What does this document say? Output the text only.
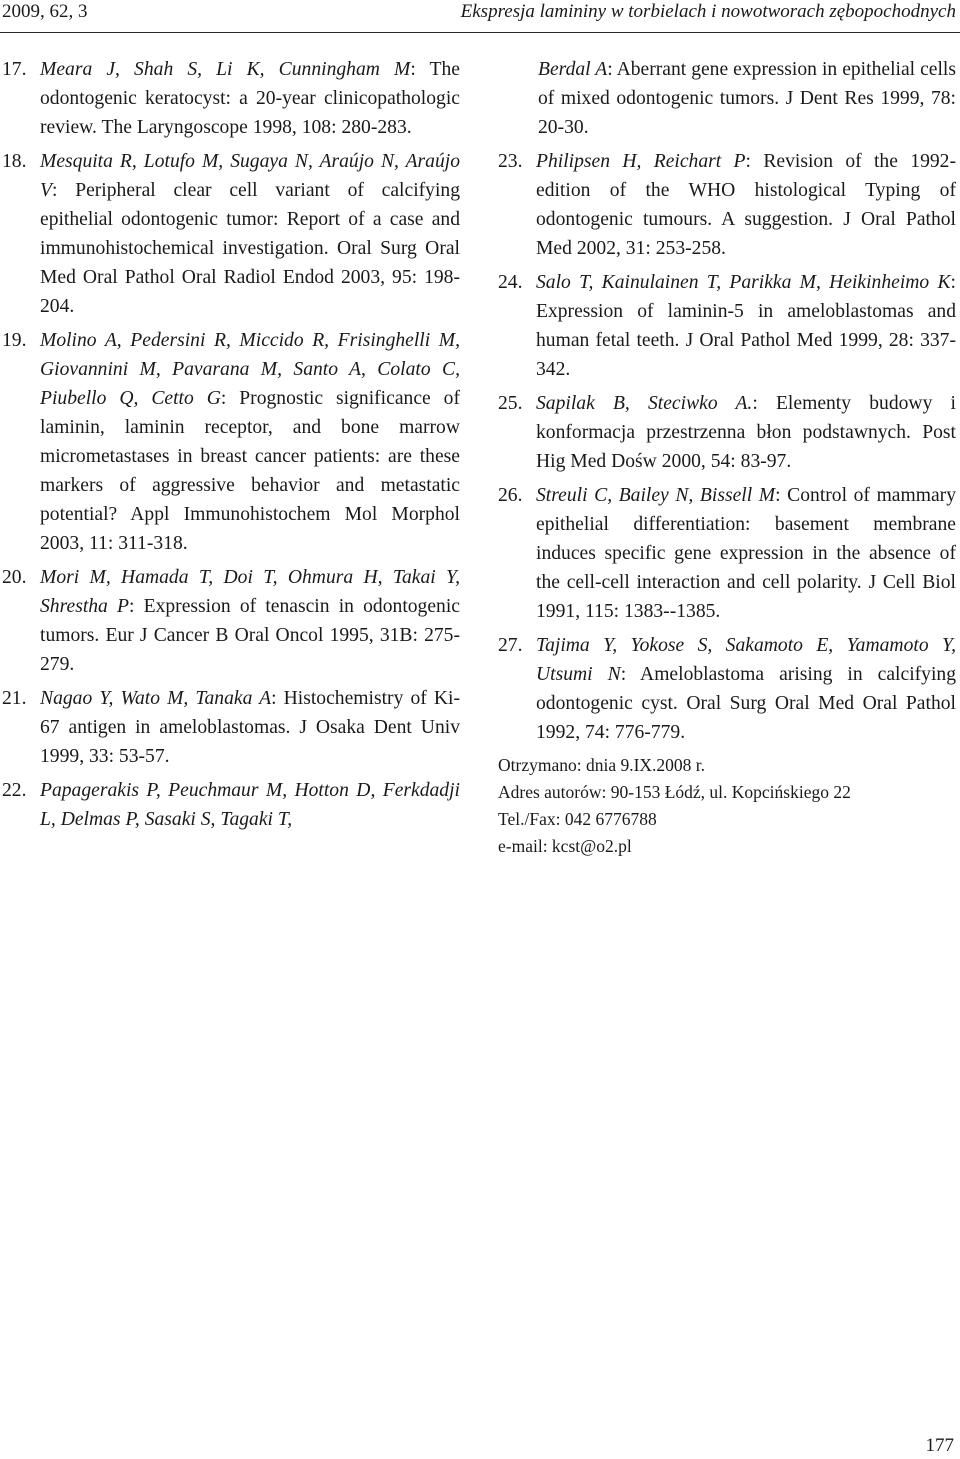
2009, 62, 3	Ekspresja lamininy w torbielach i nowotworach zębopochodnych
17. Meara J, Shah S, Li K, Cunningham M: The odontogenic keratocyst: a 20-year clinicopathologic review. The Laryngoscope 1998, 108: 280-283.
18. Mesquita R, Lotufo M, Sugaya N, Araújo N, Araújo V: Peripheral clear cell variant of calcifying epithelial odontogenic tumor: Report of a case and immunohistochemical investigation. Oral Surg Oral Med Oral Pathol Oral Radiol Endod 2003, 95: 198-204.
19. Molino A, Pedersini R, Miccido R, Frisinghelli M, Giovannini M, Pavarana M, Santo A, Colato C, Piubello Q, Cetto G: Prognostic significance of laminin, laminin receptor, and bone marrow micrometastases in breast cancer patients: are these markers of aggressive behavior and metastatic potential? Appl Immunohistochem Mol Morphol 2003, 11: 311-318.
20. Mori M, Hamada T, Doi T, Ohmura H, Takai Y, Shrestha P: Expression of tenascin in odontogenic tumors. Eur J Cancer B Oral Oncol 1995, 31B: 275-279.
21. Nagao Y, Wato M, Tanaka A: Histochemistry of Ki-67 antigen in ameloblastomas. J Osaka Dent Univ 1999, 33: 53-57.
22. Papagerakis P, Peuchmaur M, Hotton D, Ferkdadji L, Delmas P, Sasaki S, Tagaki T,
Berdal A: Aberrant gene expression in epithelial cells of mixed odontogenic tumors. J Dent Res 1999, 78: 20-30.
23. Philipsen H, Reichart P: Revision of the 1992-edition of the WHO histological Typing of odontogenic tumours. A suggestion. J Oral Pathol Med 2002, 31: 253-258.
24. Salo T, Kainulainen T, Parikka M, Heikinheimo K: Expression of laminin-5 in ameloblastomas and human fetal teeth. J Oral Pathol Med 1999, 28: 337-342.
25. Sapilak B, Steciwko A.: Elementy budowy i konformacja przestrzenna błon podstawnych. Post Hig Med Dośw 2000, 54: 83-97.
26. Streuli C, Bailey N, Bissell M: Control of mammary epithelial differentiation: basement membrane induces specific gene expression in the absence of the cell-cell interaction and cell polarity. J Cell Biol 1991, 115: 1383--1385.
27. Tajima Y, Yokose S, Sakamoto E, Yamamoto Y, Utsumi N: Ameloblastoma arising in calcifying odontogenic cyst. Oral Surg Oral Med Oral Pathol 1992, 74: 776-779.
Otrzymano: dnia 9.IX.2008 r.
Adres autorów: 90-153 Łódź, ul. Kopcińskiego 22
Tel./Fax: 042 6776788
e-mail: kcst@o2.pl
177
